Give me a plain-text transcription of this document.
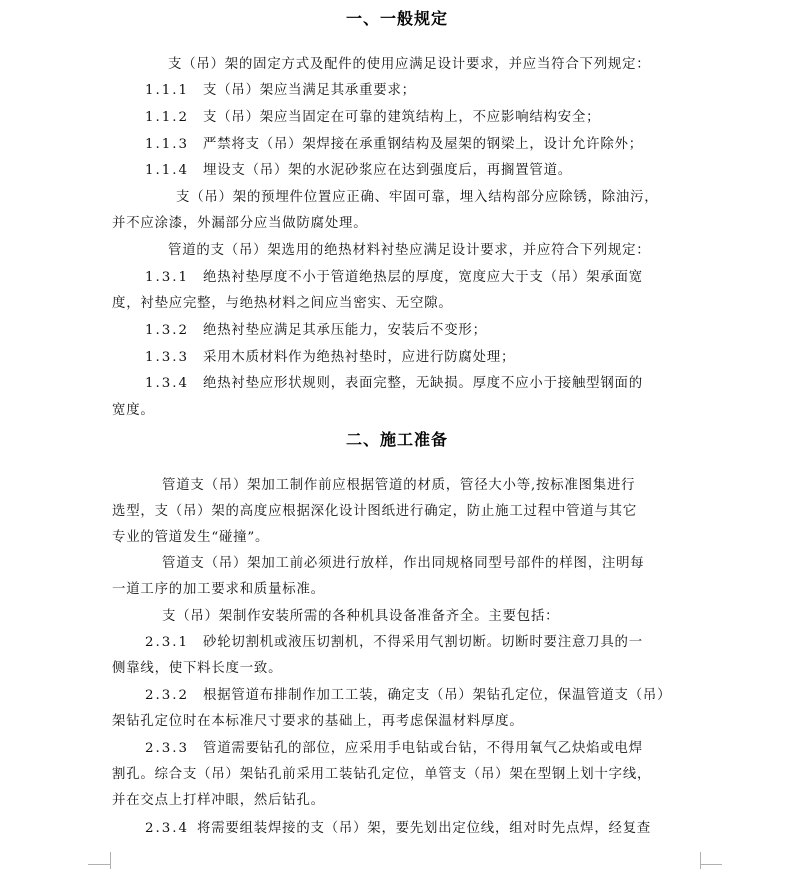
一、一般规定
支（吊）架的固定方式及配件的使用应满足设计要求，并应当符合下列规定：
1.1.1 支（吊）架应当满足其承重要求；
1.1.2 支（吊）架应当固定在可靠的建筑结构上，不应影响结构安全；
1.1.3 严禁将支（吊）架焊接在承重钢结构及屋架的钢梁上，设计允许除外；
1.1.4 埋设支（吊）架的水泥砂浆应在达到强度后，再搁置管道。
支（吊）架的预埋件位置应正确、牢固可靠，埋入结构部分应除锈，除油污，
并不应涂漆，外漏部分应当做防腐处理。
管道的支（吊）架选用的绝热材料衬垫应满足设计要求，并应符合下列规定：
1.3.1 绝热衬垫厚度不小于管道绝热层的厚度，宽度应大于支（吊）架承面宽
度，衬垫应完整，与绝热材料之间应当密实、无空隙。
1.3.2 绝热衬垫应满足其承压能力，安装后不变形；
1.3.3 采用木质材料作为绝热衬垫时，应进行防腐处理；
1.3.4 绝热衬垫应形状规则，表面完整，无缺损。厚度不应小于接触型钢面的
宽度。
二、施工准备
管道支（吊）架加工制作前应根据管道的材质，管径大小等,按标准图集进行
选型，支（吊）架的高度应根据深化设计图纸进行确定，防止施工过程中管道与其它
专业的管道发生“碰撞”。
管道支（吊）架加工前必须进行放样，作出同规格同型号部件的样图，注明每
一道工序的加工要求和质量标准。
支（吊）架制作安装所需的各种机具设备准备齐全。主要包括：
2.3.1 砂轮切割机或液压切割机，不得采用气割切断。切断时要注意刀具的一
侧靠线，使下料长度一致。
2.3.2 根据管道布排制作加工工装，确定支（吊）架钻孔定位，保温管道支（吊）
架钻孔定位时在本标准尺寸要求的基础上，再考虑保温材料厚度。
2.3.3 管道需要钻孔的部位，应采用手电钻或台钻，不得用氧气乙炔焰或电焊
割孔。综合支（吊）架钻孔前采用工装钻孔定位，单管支（吊）架在型钢上划十字线，
并在交点上打样冲眼，然后钻孔。
2.3.4 将需要组装焊接的支（吊）架，要先划出定位线，组对时先点焊，经复查
